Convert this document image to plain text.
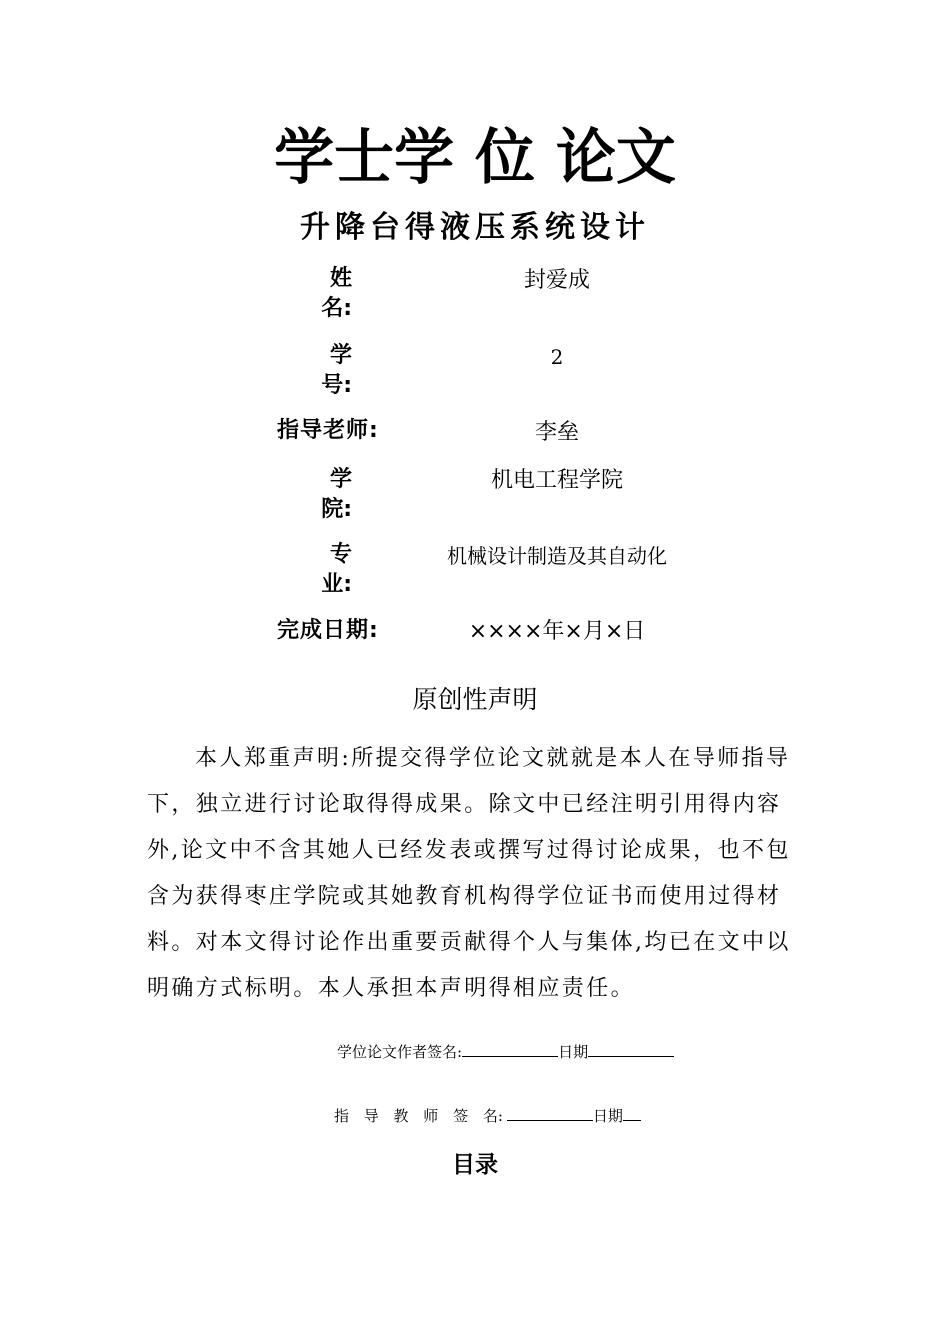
学士学 位 论文
升降台得液压系统设计
姓名:
封爱成
学号:
2
指导老师:	李垒
学院:
机电工程学院
专业:
机械设计制造及其自动化
完成日期:	××××年×月×日
原创性声明

本人郑重声明:所提交得学位论文就就是本人在导师指导下，独立进行讨论取得得成果。除文中已经注明引用得内容外,论文中不含其她人已经发表或撰写过得讨论成果，也不包含为获得枣庄学院或其她教育机构得学位证书而使用过得材料。对本文得讨论作出重要贡献得个人与集体,均已在文中以明确方式标明。本人承担本声明得相应责任。

学位论文作者签名:	日期
指 导 教 师 签 名:	日期
目录
